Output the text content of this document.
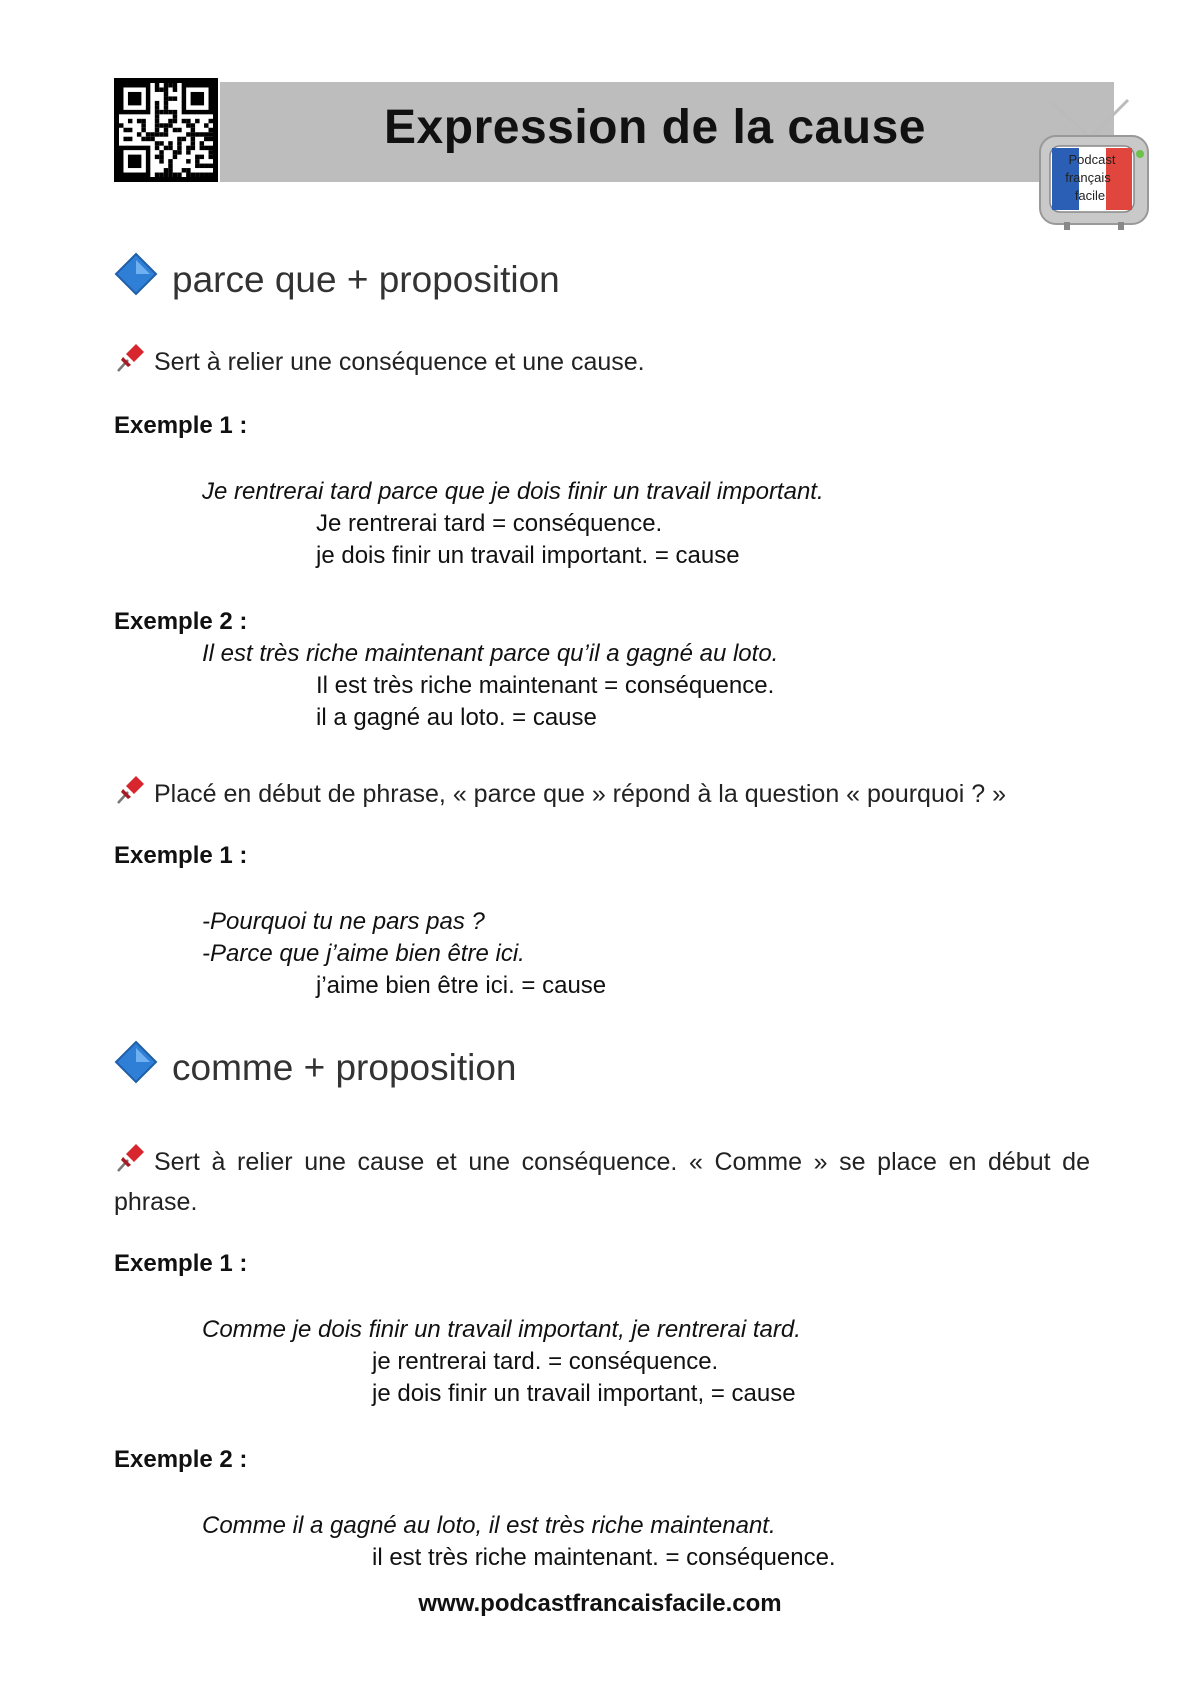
Expression de la cause
Podcast
français
facile
parce que + proposition
Sert à relier une conséquence et une cause.
Exemple 1 :
Je rentrerai tard parce que je dois finir un travail important.
Je rentrerai tard = conséquence.
je dois finir un travail important. = cause
Exemple 2 :
Il est très riche maintenant parce qu’il a gagné au loto.
Il est très riche maintenant = conséquence.
il a gagné au loto. = cause
Placé en début de phrase, « parce que » répond à la question « pourquoi ? »
Exemple 1 :
-Pourquoi tu ne pars pas ?
-Parce que j’aime bien être ici.
j’aime bien être ici. = cause
comme + proposition
Sert à relier une cause et une conséquence. « Comme » se place en début de phrase.
Exemple 1 :
Comme je dois finir un travail important, je rentrerai tard.
je rentrerai tard. = conséquence.
je dois finir un travail important, = cause
Exemple 2 :
Comme il a gagné au loto, il est très riche maintenant.
il est très riche maintenant. = conséquence.
www.podcastfrancaisfacile.com
